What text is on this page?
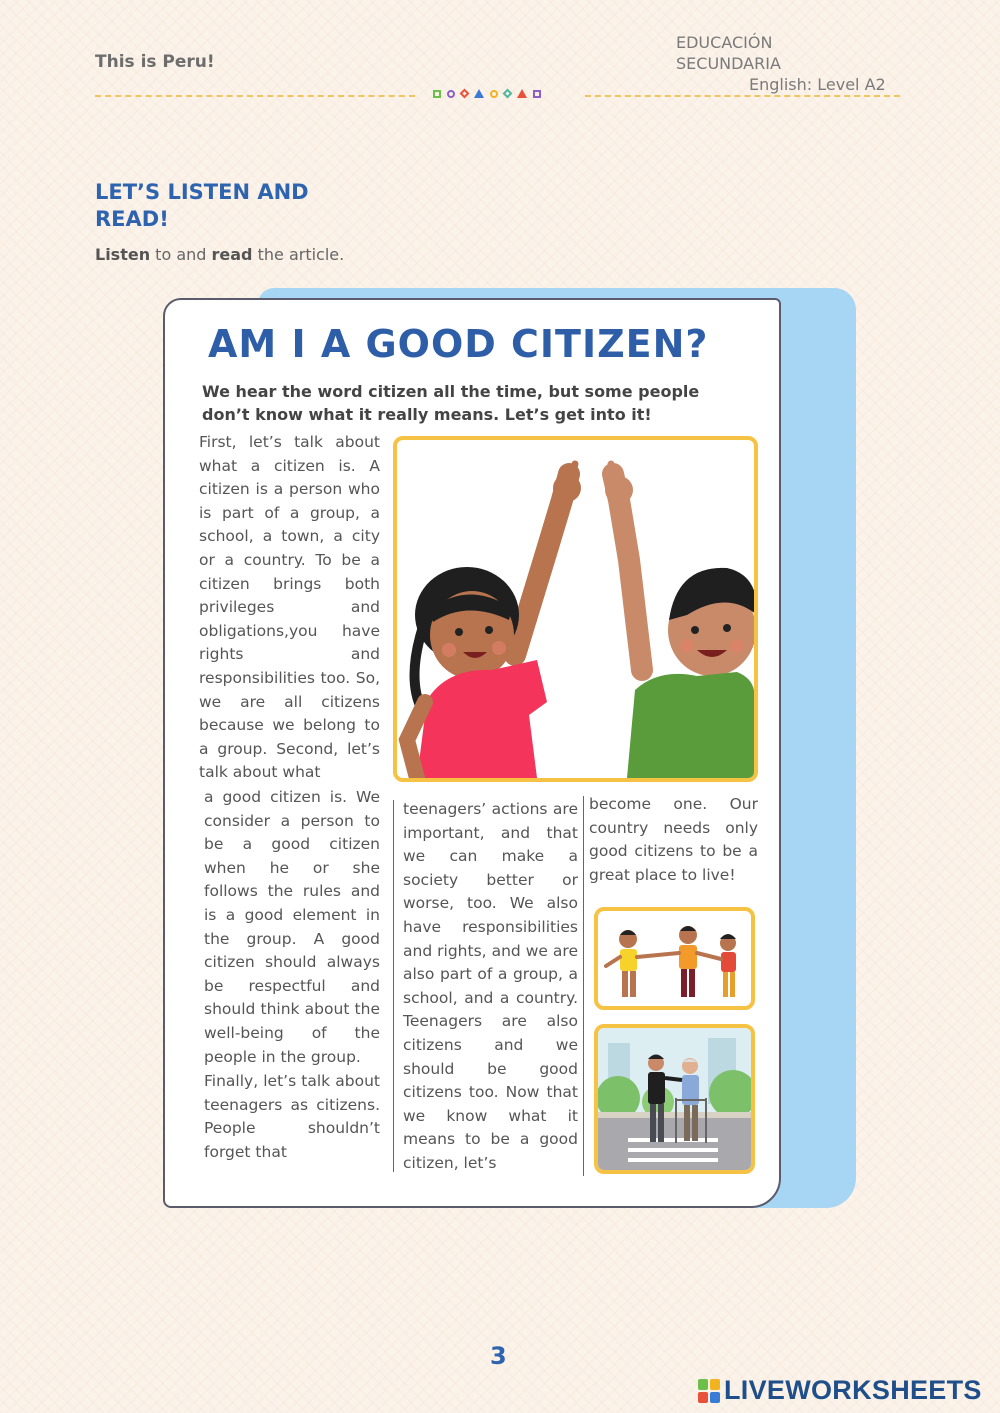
This is Peru!
EDUCACIÓN
SECUNDARIA
English: Level A2
LET’S LISTEN AND
READ!
Listen to and read the article.
AM I A GOOD CITIZEN?
We hear the word citizen all the time, but some people don’t know what it really means. Let’s get into it!
First, let’s talk about what a citizen is. A citizen is a person who is part of a group, a school, a town, a city or a country. To be a citizen brings both privileges and obligations,you have rights and responsibilities too. So, we are all citizens because we belong to a group. Second, let’s talk about what
a good citizen is. We consider a person to be a good citizen when he or she follows the rules and is a good element in the group. A good citizen should always be respectful and should think about the well-being of the people in the group.
Finally, let’s talk about teenagers as citizens. People shouldn’t forget that
teenagers’ actions are important, and that we can make a society better or worse, too. We also have responsibilities and rights, and we are also part of a group, a school, and a country. Teenagers are also citizens and we should be good citizens too. Now that we know what it means to be a good citizen, let’s
become one. Our country needs only good citizens to be a great place to live!
3
LIVEWORKSHEETS
